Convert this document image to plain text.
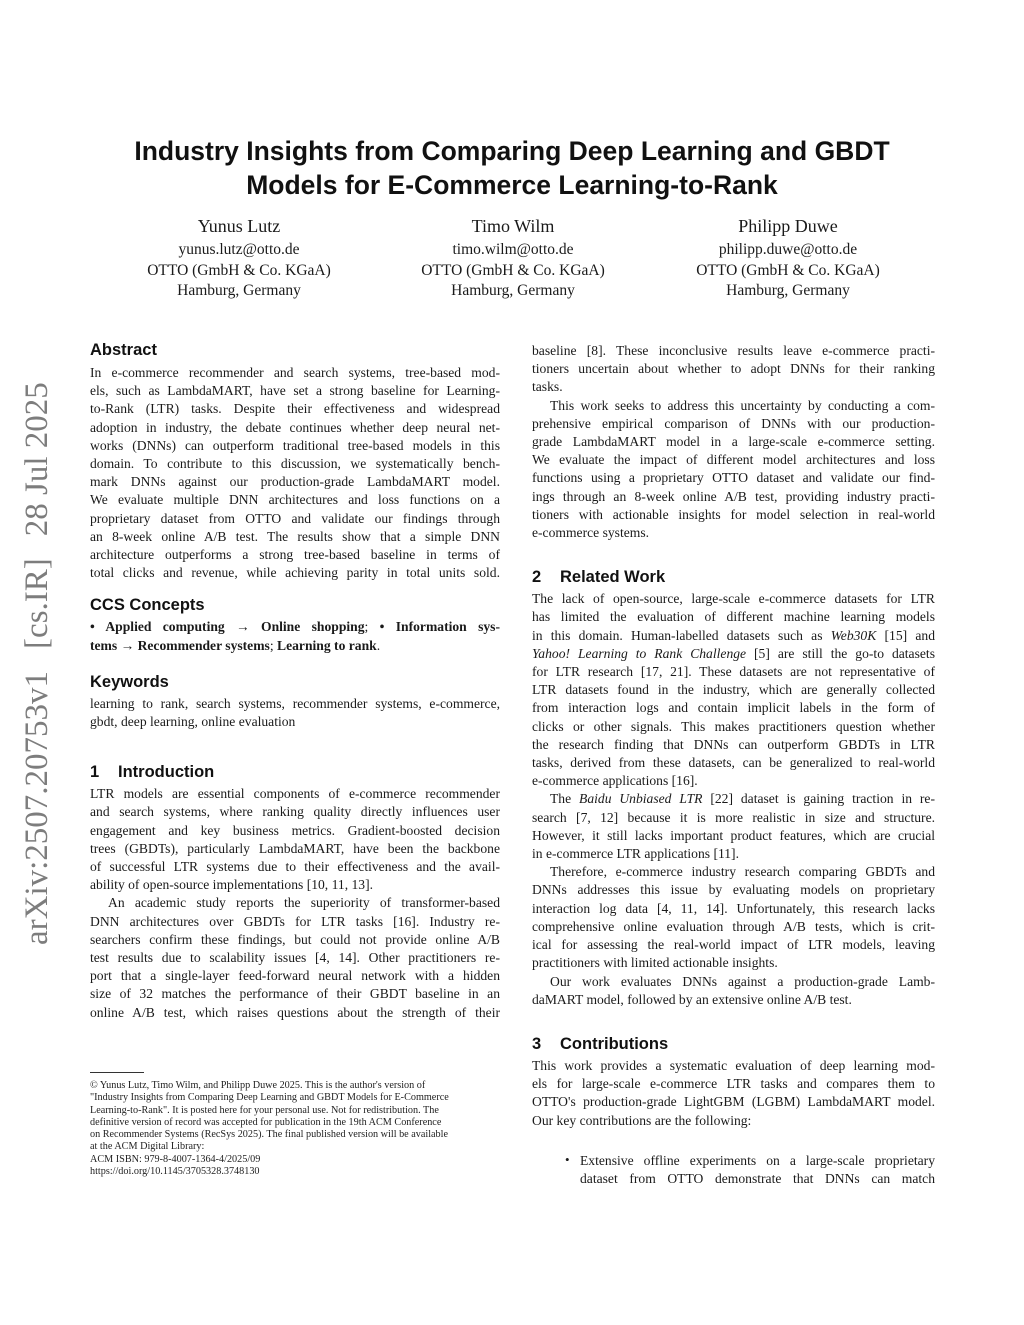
arXiv:2507.20753v1[cs.IR]28 Jul 2025
Industry Insights from Comparing Deep Learning and GBDT
Models for E-Commerce Learning-to-Rank
Yunus Lutz
yunus.lutz@otto.de
OTTO (GmbH & Co. KGaA)
Hamburg, Germany
Timo Wilm
timo.wilm@otto.de
OTTO (GmbH & Co. KGaA)
Hamburg, Germany
Philipp Duwe
philipp.duwe@otto.de
OTTO (GmbH & Co. KGaA)
Hamburg, Germany
Abstract
In e-commerce recommender and search systems, tree-based mod-
els, such as LambdaMART, have set a strong baseline for Learning-
to-Rank (LTR) tasks. Despite their effectiveness and widespread
adoption in industry, the debate continues whether deep neural net-
works (DNNs) can outperform traditional tree-based models in this
domain. To contribute to this discussion, we systematically bench-
mark DNNs against our production-grade LambdaMART model.
We evaluate multiple DNN architectures and loss functions on a
proprietary dataset from OTTO and validate our findings through
an 8-week online A/B test. The results show that a simple DNN
architecture outperforms a strong tree-based baseline in terms of
total clicks and revenue, while achieving parity in total units sold.
CCS Concepts
• Applied computing → Online shopping; • Information sys-
tems → Recommender systems; Learning to rank.
Keywords
learning to rank, search systems, recommender systems, e-commerce,
gbdt, deep learning, online evaluation
1 Introduction
LTR models are essential components of e-commerce recommender
and search systems, where ranking quality directly influences user
engagement and key business metrics. Gradient-boosted decision
trees (GBDTs), particularly LambdaMART, have been the backbone
of successful LTR systems due to their effectiveness and the avail-
ability of open-source implementations [10, 11, 13].
An academic study reports the superiority of transformer-based
DNN architectures over GBDTs for LTR tasks [16]. Industry re-
searchers confirm these findings, but could not provide online A/B
test results due to scalability issues [4, 14]. Other practitioners re-
port that a single-layer feed-forward neural network with a hidden
size of 32 matches the performance of their GBDT baseline in an
online A/B test, which raises questions about the strength of their
© Yunus Lutz, Timo Wilm, and Philipp Duwe 2025. This is the author's version of
"Industry Insights from Comparing Deep Learning and GBDT Models for E-Commerce
Learning-to-Rank". It is posted here for your personal use. Not for redistribution. The
definitive version of record was accepted for publication in the 19th ACM Conference
on Recommender Systems (RecSys 2025). The final published version will be available
at the ACM Digital Library:
ACM ISBN: 979-8-4007-1364-4/2025/09
https://doi.org/10.1145/3705328.3748130
baseline [8]. These inconclusive results leave e-commerce practi-
tioners uncertain about whether to adopt DNNs for their ranking
tasks.
This work seeks to address this uncertainty by conducting a com-
prehensive empirical comparison of DNNs with our production-
grade LambdaMART model in a large-scale e-commerce setting.
We evaluate the impact of different model architectures and loss
functions using a proprietary OTTO dataset and validate our find-
ings through an 8-week online A/B test, providing industry practi-
tioners with actionable insights for model selection in real-world
e-commerce systems.
2 Related Work
The lack of open-source, large-scale e-commerce datasets for LTR
has limited the evaluation of different machine learning models
in this domain. Human-labelled datasets such as Web30K [15] and
Yahoo! Learning to Rank Challenge [5] are still the go-to datasets
for LTR research [17, 21]. These datasets are not representative of
LTR datasets found in the industry, which are generally collected
from interaction logs and contain implicit labels in the form of
clicks or other signals. This makes practitioners question whether
the research finding that DNNs can outperform GBDTs in LTR
tasks, derived from these datasets, can be generalized to real-world
e-commerce applications [16].
The Baidu Unbiased LTR [22] dataset is gaining traction in re-
search [7, 12] because it is more realistic in size and structure.
However, it still lacks important product features, which are crucial
in e-commerce LTR applications [11].
Therefore, e-commerce industry research comparing GBDTs and
DNNs addresses this issue by evaluating models on proprietary
interaction log data [4, 11, 14]. Unfortunately, this research lacks
comprehensive online evaluation through A/B tests, which is crit-
ical for assessing the real-world impact of LTR models, leaving
practitioners with limited actionable insights.
Our work evaluates DNNs against a production-grade Lamb-
daMART model, followed by an extensive online A/B test.
3 Contributions
This work provides a systematic evaluation of deep learning mod-
els for large-scale e-commerce LTR tasks and compares them to
OTTO's production-grade LightGBM (LGBM) LambdaMART model.
Our key contributions are the following:
• Extensive offline experiments on a large-scale proprietary
dataset from OTTO demonstrate that DNNs can match
